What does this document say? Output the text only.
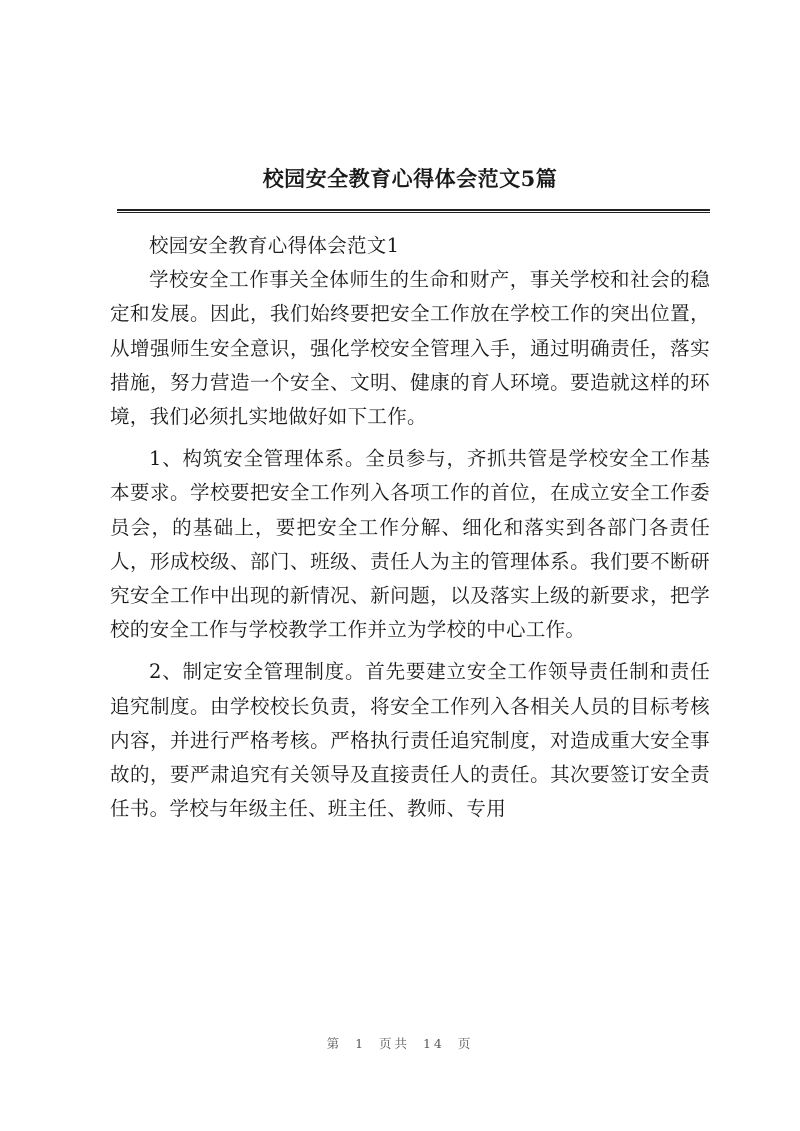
校园安全教育心得体会范文5篇

校园安全教育心得体会范文1

学校安全工作事关全体师生的生命和财产，事关学校和社会的稳定和发展。因此，我们始终要把安全工作放在学校工作的突出位置，从增强师生安全意识，强化学校安全管理入手，通过明确责任，落实措施，努力营造一个安全、文明、健康的育人环境。要造就这样的环境，我们必须扎实地做好如下工作。

1、构筑安全管理体系。全员参与，齐抓共管是学校安全工作基本要求。学校要把安全工作列入各项工作的首位，在成立安全工作委员会，的基础上，要把安全工作分解、细化和落实到各部门各责任人，形成校级、部门、班级、责任人为主的管理体系。我们要不断研究安全工作中出现的新情况、新问题，以及落实上级的新要求，把学校的安全工作与学校教学工作并立为学校的中心工作。

2、制定安全管理制度。首先要建立安全工作领导责任制和责任追究制度。由学校校长负责，将安全工作列入各相关人员的目标考核内容，并进行严格考核。严格执行责任追究制度，对造成重大安全事故的，要严肃追究有关领导及直接责任人的责任。其次要签订安全责任书。学校与年级主任、班主任、教师、专用

第 1 页共 14 页
